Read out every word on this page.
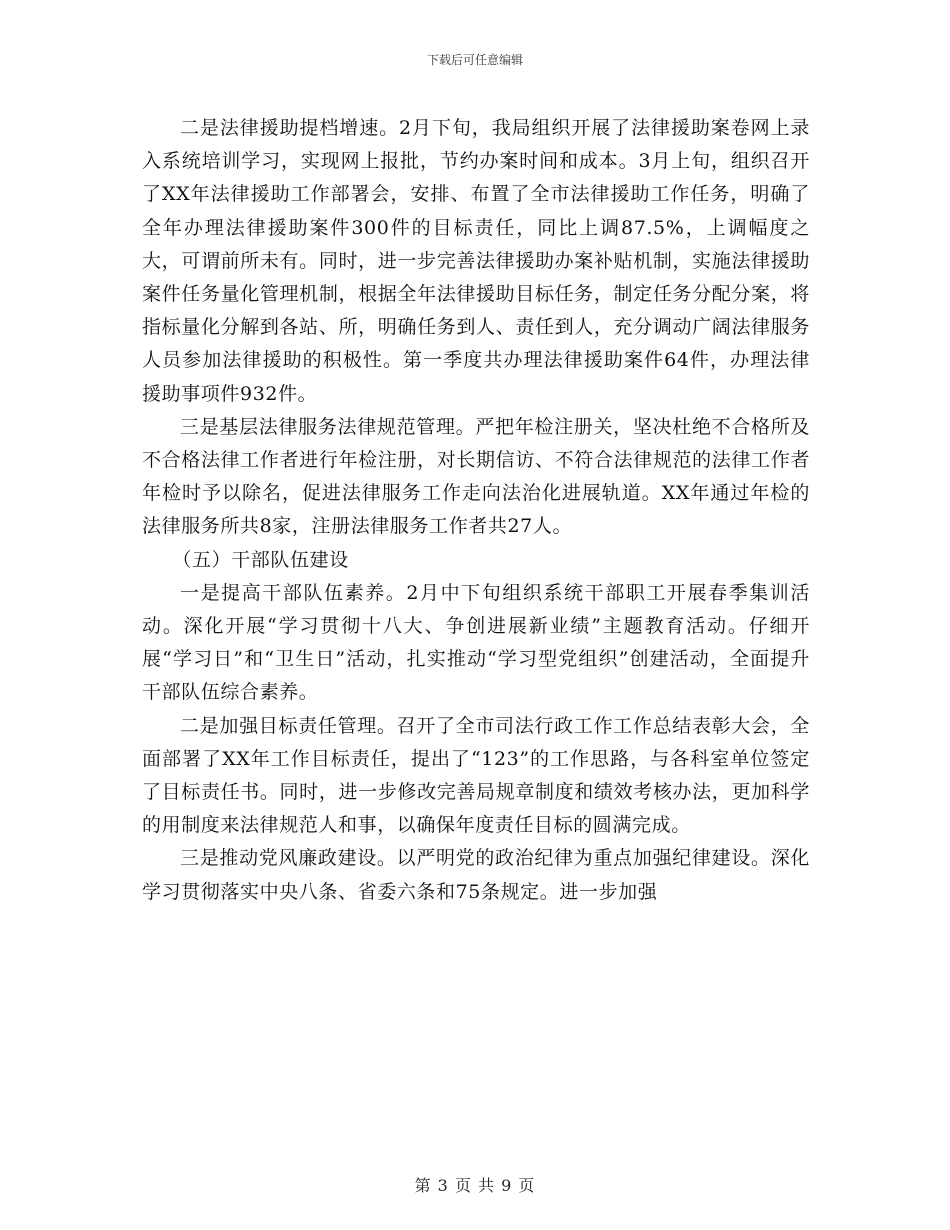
下载后可任意编辑

二是法律援助提档增速。2月下旬，我局组织开展了法律援助案卷网上录入系统培训学习，实现网上报批，节约办案时间和成本。3月上旬，组织召开了XX年法律援助工作部署会，安排、布置了全市法律援助工作任务，明确了全年办理法律援助案件300件的目标责任，同比上调87.5%，上调幅度之大，可谓前所未有。同时，进一步完善法律援助办案补贴机制，实施法律援助案件任务量化管理机制，根据全年法律援助目标任务，制定任务分配分案，将指标量化分解到各站、所，明确任务到人、责任到人，充分调动广阔法律服务人员参加法律援助的积极性。第一季度共办理法律援助案件64件，办理法律援助事项件932件。

三是基层法律服务法律规范管理。严把年检注册关，坚决杜绝不合格所及不合格法律工作者进行年检注册，对长期信访、不符合法律规范的法律工作者年检时予以除名，促进法律服务工作走向法治化进展轨道。XX年通过年检的法律服务所共8家，注册法律服务工作者共27人。

（五）干部队伍建设

一是提高干部队伍素养。2月中下旬组织系统干部职工开展春季集训活动。深化开展“学习贯彻十八大、争创进展新业绩”主题教育活动。仔细开展“学习日”和“卫生日”活动，扎实推动“学习型党组织”创建活动，全面提升干部队伍综合素养。

二是加强目标责任管理。召开了全市司法行政工作工作总结表彰大会，全面部署了XX年工作目标责任，提出了“123”的工作思路，与各科室单位签定了目标责任书。同时，进一步修改完善局规章制度和绩效考核办法，更加科学的用制度来法律规范人和事，以确保年度责任目标的圆满完成。

三是推动党风廉政建设。以严明党的政治纪律为重点加强纪律建设。深化学习贯彻落实中央八条、省委六条和75条规定。进一步加强

第 3 页 共 9 页
